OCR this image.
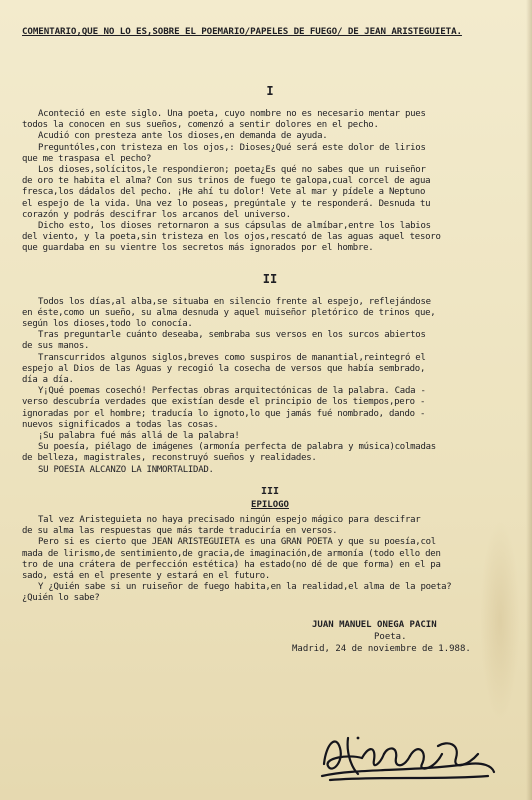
COMENTARIO,QUE NO LO ES,SOBRE EL POEMARIO/PAPELES DE FUEGO/ DE JEAN ARISTEGUIETA.
I
Aconteció en este siglo. Una poeta, cuyo nombre no es necesario mentar pues
todos la conocen en sus sueños, comenzó a sentir dolores en el pecho.
Acudió con presteza ante los dioses,en demanda de ayuda.
Preguntóles,con tristeza en los ojos,: Dioses¿Qué será este dolor de lirios
que me traspasa el pecho?
Los dioses,solícitos,le respondieron; poeta¿Es qué no sabes que un ruiseñor
de oro te habita el alma? Con sus trinos de fuego te galopa,cual corcel de agua
fresca,los dádalos del pecho. ¡He ahí tu dolor! Vete al mar y pídele a Neptuno
el espejo de la vida. Una vez lo poseas, pregúntale y te responderá. Desnuda tu
corazón y podrás descifrar los arcanos del universo.
Dicho esto, los dioses retornaron a sus cápsulas de almíbar,entre los labios
del viento, y la poeta,sin tristeza en los ojos,rescató de las aguas aquel tesoro
que guardaba en su vientre los secretos más ignorados por el hombre.
II
Todos los días,al alba,se situaba en silencio frente al espejo, reflejándose
en éste,como un sueño, su alma desnuda y aquel muiseñor pletórico de trinos que,
según los dioses,todo lo conocía.
Tras preguntarle cuánto deseaba, sembraba sus versos en los surcos abiertos
de sus manos.
Transcurridos algunos siglos,breves como suspiros de manantial,reintegró el
espejo al Dios de las Aguas y recogió la cosecha de versos que había sembrado,
día a día.
Y¡Qué poemas cosechó! Perfectas obras arquitectónicas de la palabra. Cada -
verso descubría verdades que existían desde el principio de los tiempos,pero -
ignoradas por el hombre; traducía lo ignoto,lo que jamás fué nombrado, dando -
nuevos significados a todas las cosas.
¡Su palabra fué más allá de la palabra!
Su poesía, piélago de imágenes (armonía perfecta de palabra y música)colmadas
de belleza, magistrales, reconstruyó sueños y realidades.
SU POESIA ALCANZO LA INMORTALIDAD.
III
EPILOGO
Tal vez Aristeguieta no haya precisado ningún espejo mágico para descifrar
de su alma las respuestas que más tarde traduciría en versos.
Pero si es cierto que JEAN ARISTEGUIETA es una GRAN POETA y que su poesía,col
mada de lirismo,de sentimiento,de gracia,de imaginación,de armonía (todo ello den
tro de una crátera de perfección estética) ha estado(no dé de que forma) en el pa
sado, está en el presente y estará en el futuro.
Y ¿Quién sabe si un ruiseñor de fuego habita,en la realidad,el alma de la poeta?
¿Quién lo sabe?
JUAN MANUEL ONEGA PACIN
Poeta.
Madrid, 24 de noviembre de 1.988.
